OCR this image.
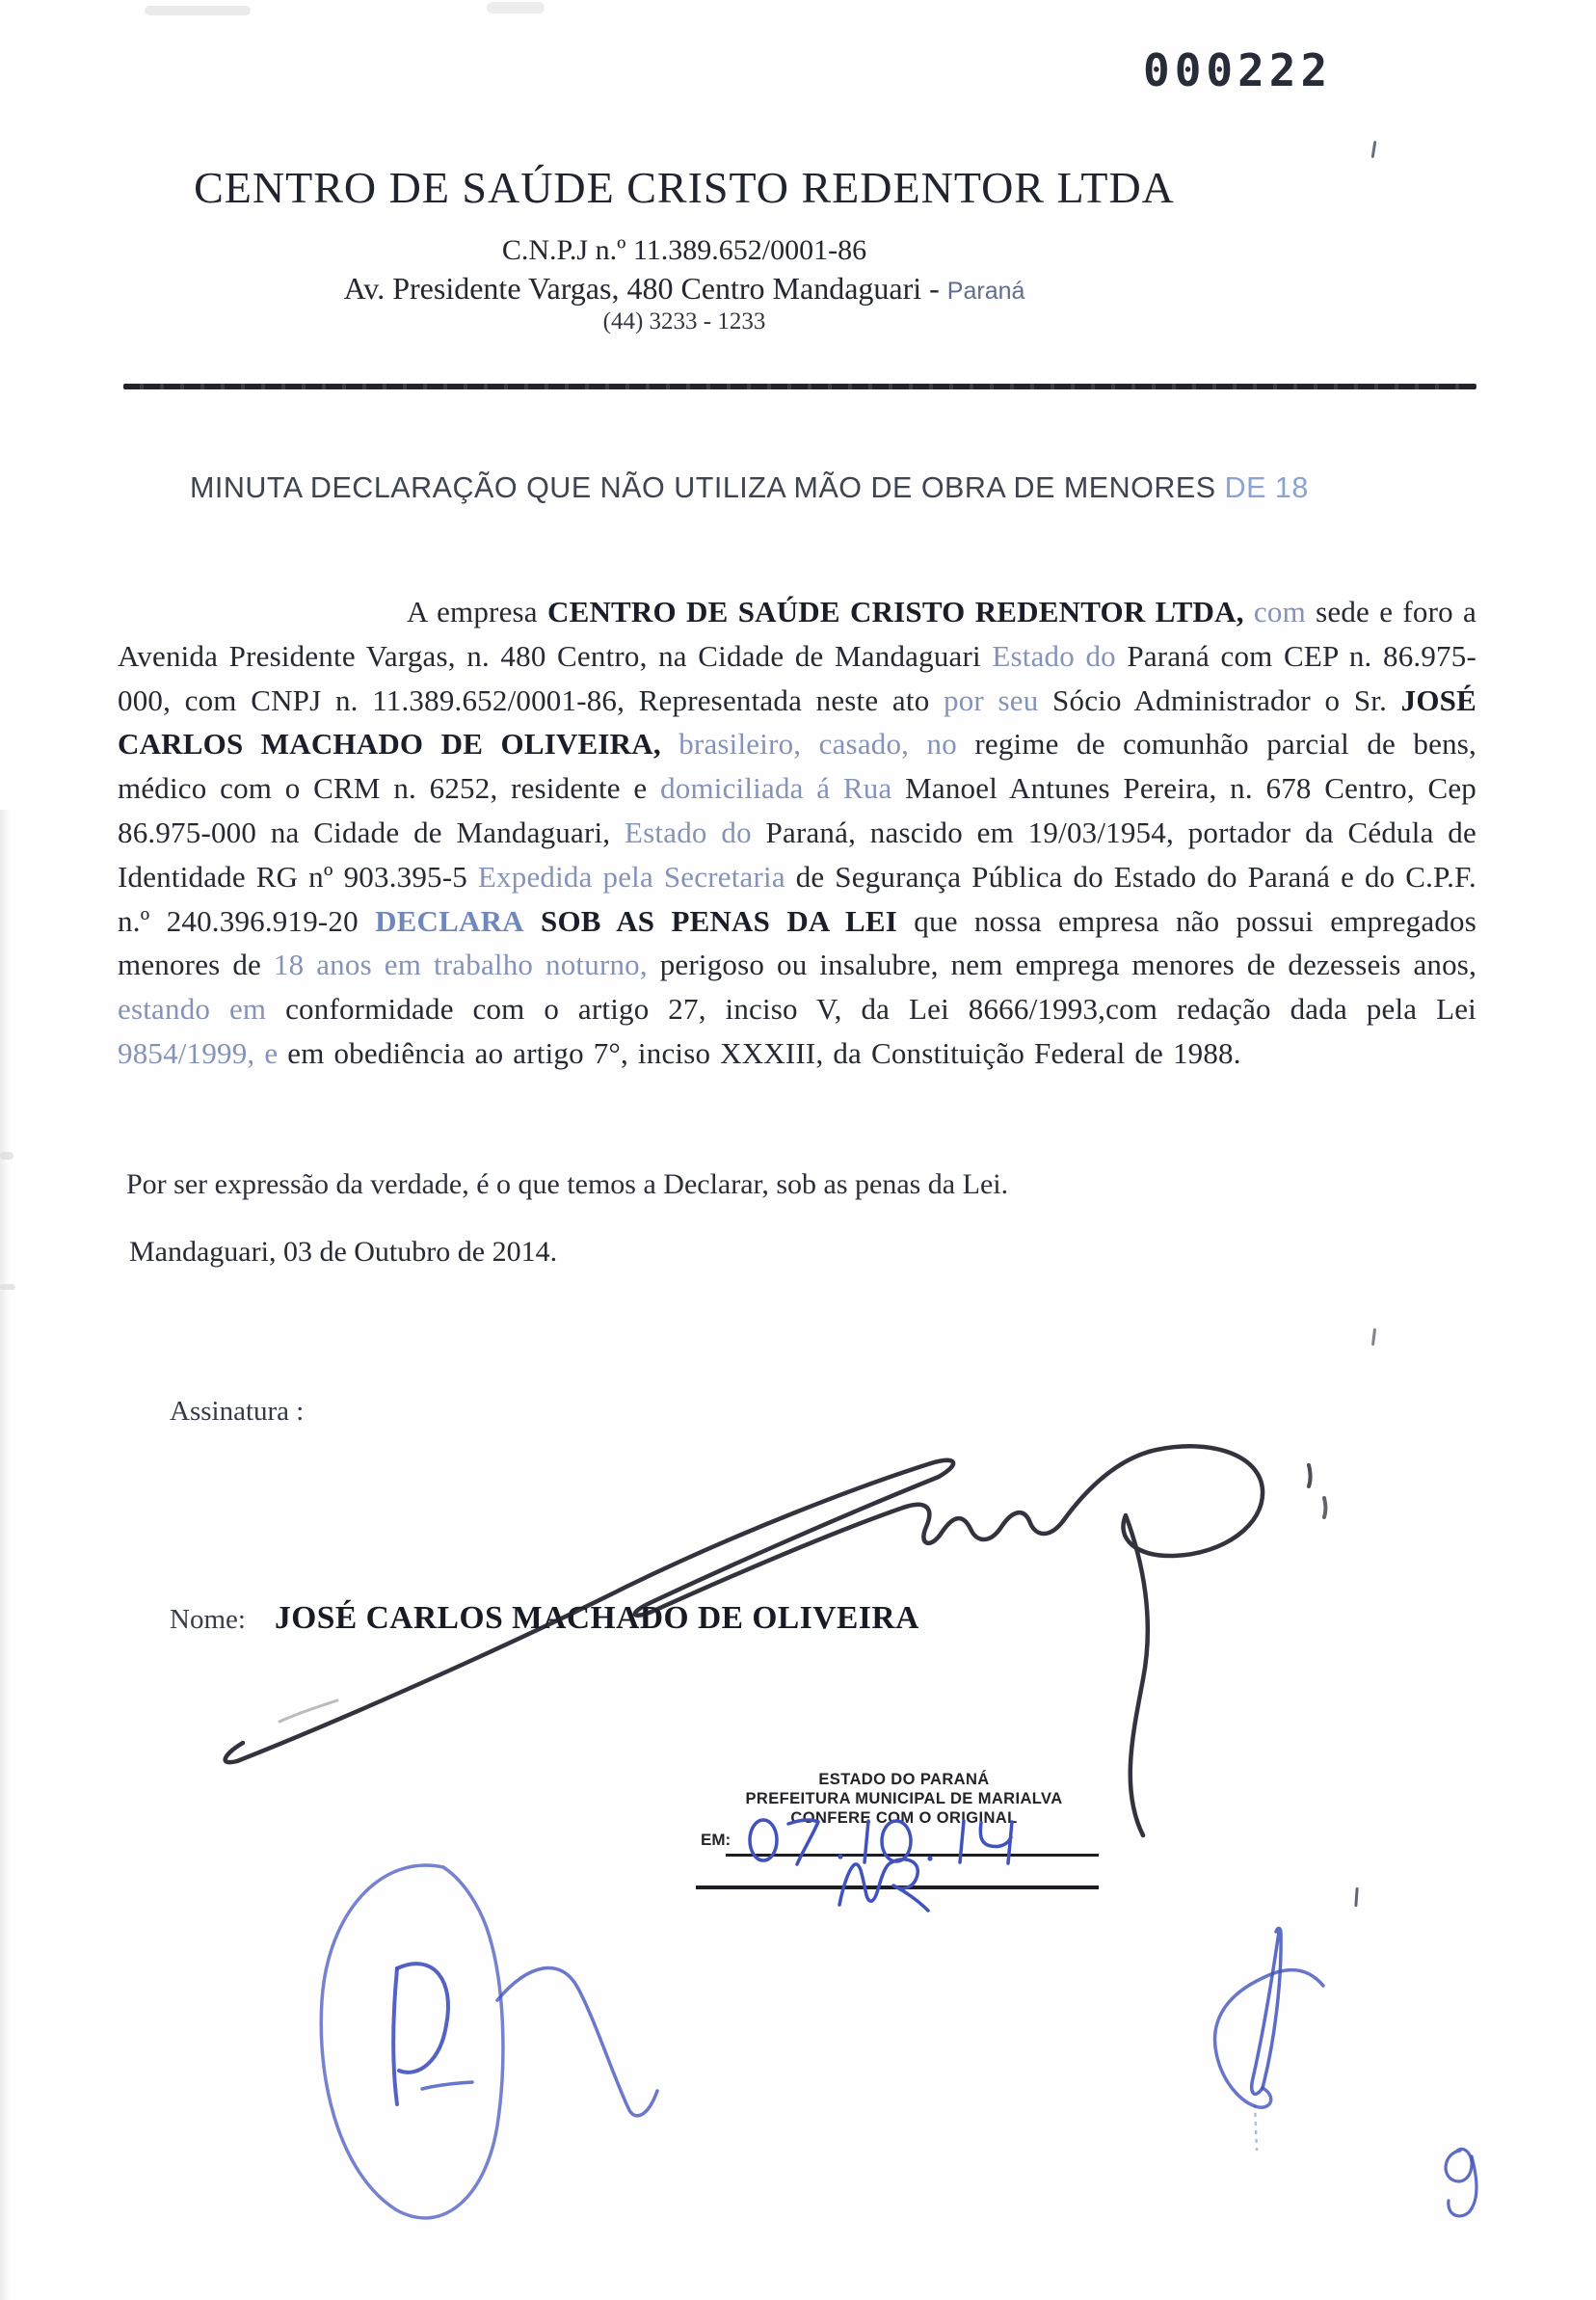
000222
CENTRO DE SAÚDE CRISTO REDENTOR LTDA
C.N.P.J n.º 11.389.652/0001-86
Av. Presidente Vargas, 480 Centro Mandaguari - Paraná
(44) 3233 - 1233
MINUTA DECLARAÇÃO QUE NÃO UTILIZA MÃO DE OBRA DE MENORES DE 18
A empresa CENTRO DE SAÚDE CRISTO REDENTOR LTDA, com sede e foro a Avenida Presidente Vargas, n. 480 Centro, na Cidade de Mandaguari Estado do Paraná com CEP n. 86.975-000, com CNPJ n. 11.389.652/0001-86, Representada neste ato por seu Sócio Administrador o Sr. JOSÉ CARLOS MACHADO DE OLIVEIRA, brasileiro, casado, no regime de comunhão parcial de bens, médico com o CRM n. 6252, residente e domiciliada á Rua Manoel Antunes Pereira, n. 678 Centro, Cep 86.975-000 na Cidade de Mandaguari, Estado do Paraná, nascido em 19/03/1954, portador da Cédula de Identidade RG nº 903.395-5 Expedida pela Secretaria de Segurança Pública do Estado do Paraná e do C.P.F. n.º 240.396.919-20 DECLARA SOB AS PENAS DA LEI que nossa empresa não possui empregados menores de 18 anos em trabalho noturno, perigoso ou insalubre, nem emprega menores de dezesseis anos, estando em conformidade com o artigo 27, inciso V, da Lei 8666/1993,com redação dada pela Lei 9854/1999, e em obediência ao artigo 7°, inciso XXXIII, da Constituição Federal de 1988.
Por ser expressão da verdade, é o que temos a Declarar, sob as penas da Lei.
Mandaguari, 03 de Outubro de 2014.
Assinatura :
Nome: JOSÉ CARLOS MACHADO DE OLIVEIRA
ESTADO DO PARANÁ
PREFEITURA MUNICIPAL DE MARIALVA
CONFERE COM O ORIGINAL
EM:
